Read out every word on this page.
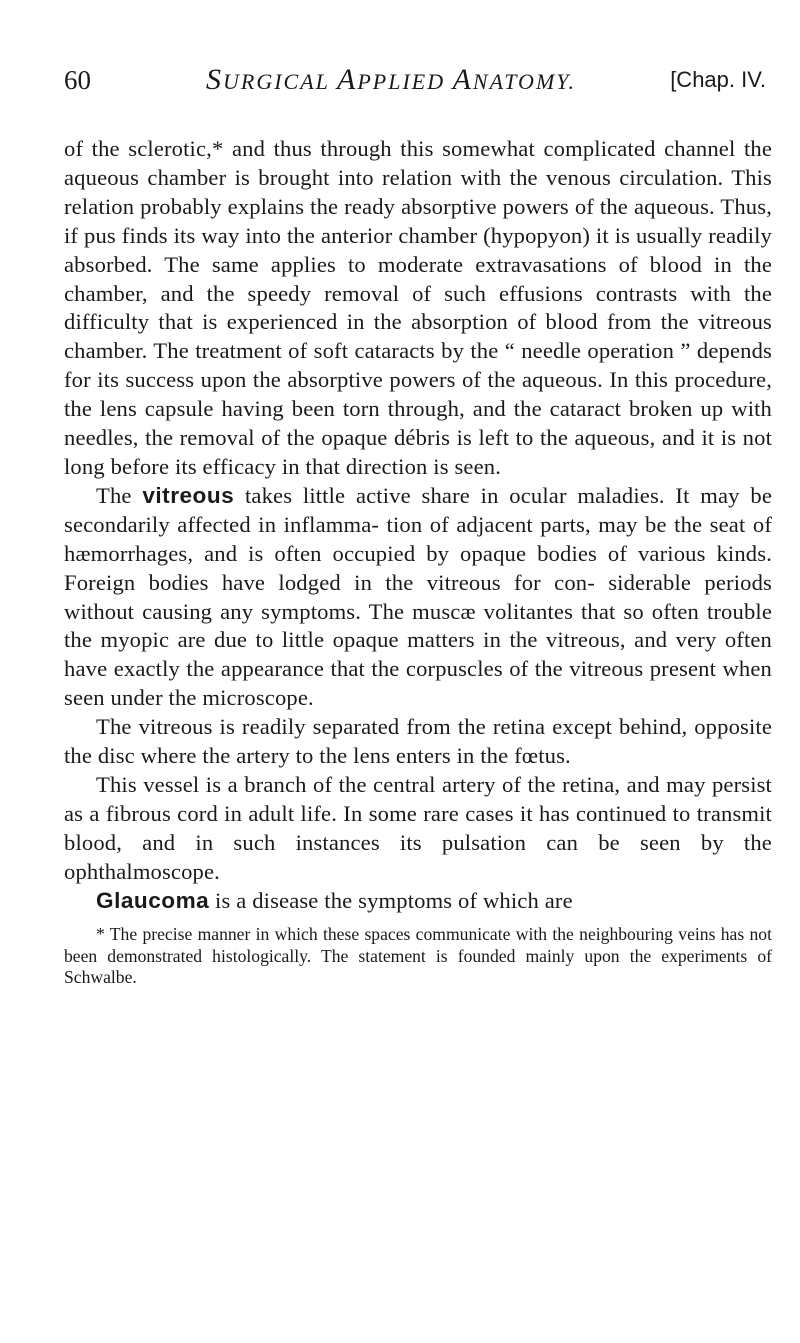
60	SURGICAL APPLIED ANATOMY.	[Chap. IV.

of the sclerotic,* and thus through this somewhat complicated channel the aqueous chamber is brought into relation with the venous circulation. This relation probably explains the ready absorptive powers of the aqueous. Thus, if pus finds its way into the anterior chamber (hypopyon) it is usually readily absorbed. The same applies to moderate extravasations of blood in the chamber, and the speedy removal of such effusions contrasts with the difficulty that is experienced in the absorption of blood from the vitreous chamber. The treatment of soft cataracts by the “ needle operation ” depends for its success upon the absorptive powers of the aqueous. In this procedure, the lens capsule having been torn through, and the cataract broken up with needles, the removal of the opaque débris is left to the aqueous, and it is not long before its efficacy in that direction is seen.

The vitreous takes little active share in ocular maladies. It may be secondarily affected in inflamma- tion of adjacent parts, may be the seat of hæmorrhages, and is often occupied by opaque bodies of various kinds. Foreign bodies have lodged in the vitreous for con- siderable periods without causing any symptoms. The muscæ volitantes that so often trouble the myopic are due to little opaque matters in the vitreous, and very often have exactly the appearance that the corpuscles of the vitreous present when seen under the microscope.

The vitreous is readily separated from the retina except behind, opposite the disc where the artery to the lens enters in the fœtus.

This vessel is a branch of the central artery of the retina, and may persist as a fibrous cord in adult life. In some rare cases it has continued to transmit blood, and in such instances its pulsation can be seen by the ophthalmoscope.

Glaucoma is a disease the symptoms of which are

* The precise manner in which these spaces communicate with the neighbouring veins has not been demonstrated histologically. The statement is founded mainly upon the experiments of Schwalbe.
